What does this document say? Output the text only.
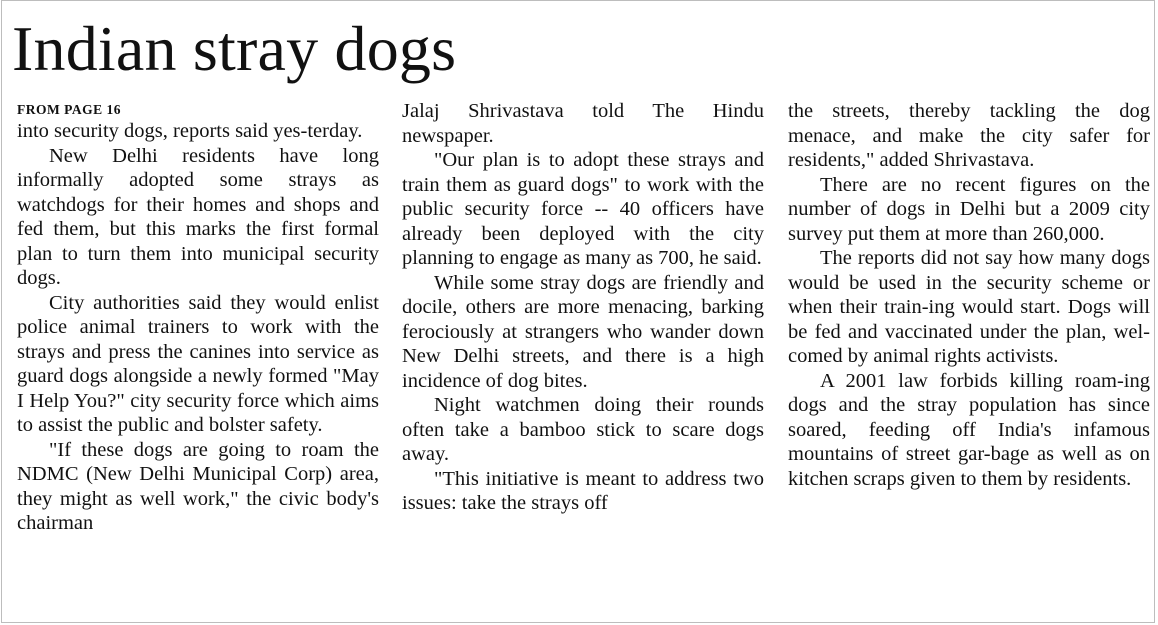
Indian stray dogs

FROM PAGE 16

into security dogs, reports said yes-terday.

New Delhi residents have long informally adopted some strays as watchdogs for their homes and shops and fed them, but this marks the first formal plan to turn them into municipal security dogs.

City authorities said they would enlist police animal trainers to work with the strays and press the canines into service as guard dogs alongside a newly formed "May I Help You?" city security force which aims to assist the public and bolster safety.

"If these dogs are going to roam the NDMC (New Delhi Municipal Corp) area, they might as well work," the civic body's chairman

Jalaj Shrivastava told The Hindu newspaper.

"Our plan is to adopt these strays and train them as guard dogs" to work with the public security force -- 40 officers have already been deployed with the city planning to engage as many as 700, he said.

While some stray dogs are friendly and docile, others are more menacing, barking ferociously at strangers who wander down New Delhi streets, and there is a high incidence of dog bites.

Night watchmen doing their rounds often take a bamboo stick to scare dogs away.

"This initiative is meant to address two issues: take the strays off

the streets, thereby tackling the dog menace, and make the city safer for residents," added Shrivastava.

There are no recent figures on the number of dogs in Delhi but a 2009 city survey put them at more than 260,000.

The reports did not say how many dogs would be used in the security scheme or when their train-ing would start. Dogs will be fed and vaccinated under the plan, wel-comed by animal rights activists.

A 2001 law forbids killing roam-ing dogs and the stray population has since soared, feeding off India's infamous mountains of street gar-bage as well as on kitchen scraps given to them by residents.
